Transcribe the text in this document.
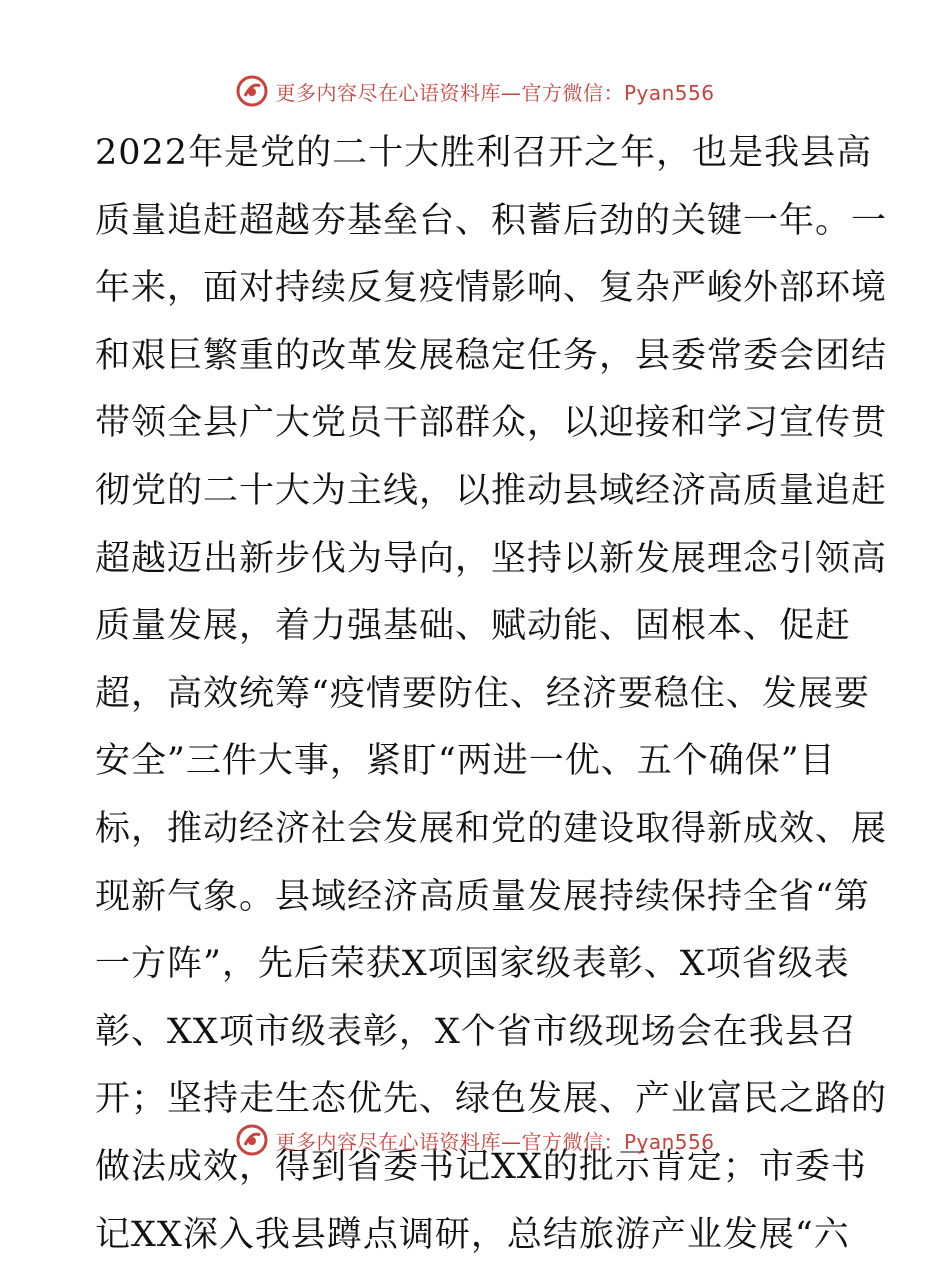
更多内容尽在心语资料库—官方微信：Pyan556
2022年是党的二十大胜利召开之年，也是我县高
质量追赶超越夯基垒台、积蓄后劲的关键一年。一
年来，面对持续反复疫情影响、复杂严峻外部环境
和艰巨繁重的改革发展稳定任务，县委常委会团结
带领全县广大党员干部群众，以迎接和学习宣传贯
彻党的二十大为主线，以推动县域经济高质量追赶
超越迈出新步伐为导向，坚持以新发展理念引领高
质量发展，着力强基础、赋动能、固根本、促赶
超，高效统筹“疫情要防住、经济要稳住、发展要
安全”三件大事，紧盯“两进一优、五个确保”目
标，推动经济社会发展和党的建设取得新成效、展
现新气象。县域经济高质量发展持续保持全省“第
一方阵”，先后荣获X项国家级表彰、X项省级表
彰、XX项市级表彰，X个省市级现场会在我县召
开；坚持走生态优先、绿色发展、产业富民之路的
做法成效，得到省委书记XX的批示肯定；市委书
记XX深入我县蹲点调研，总结旅游产业发展“六
更多内容尽在心语资料库—官方微信：Pyan556
